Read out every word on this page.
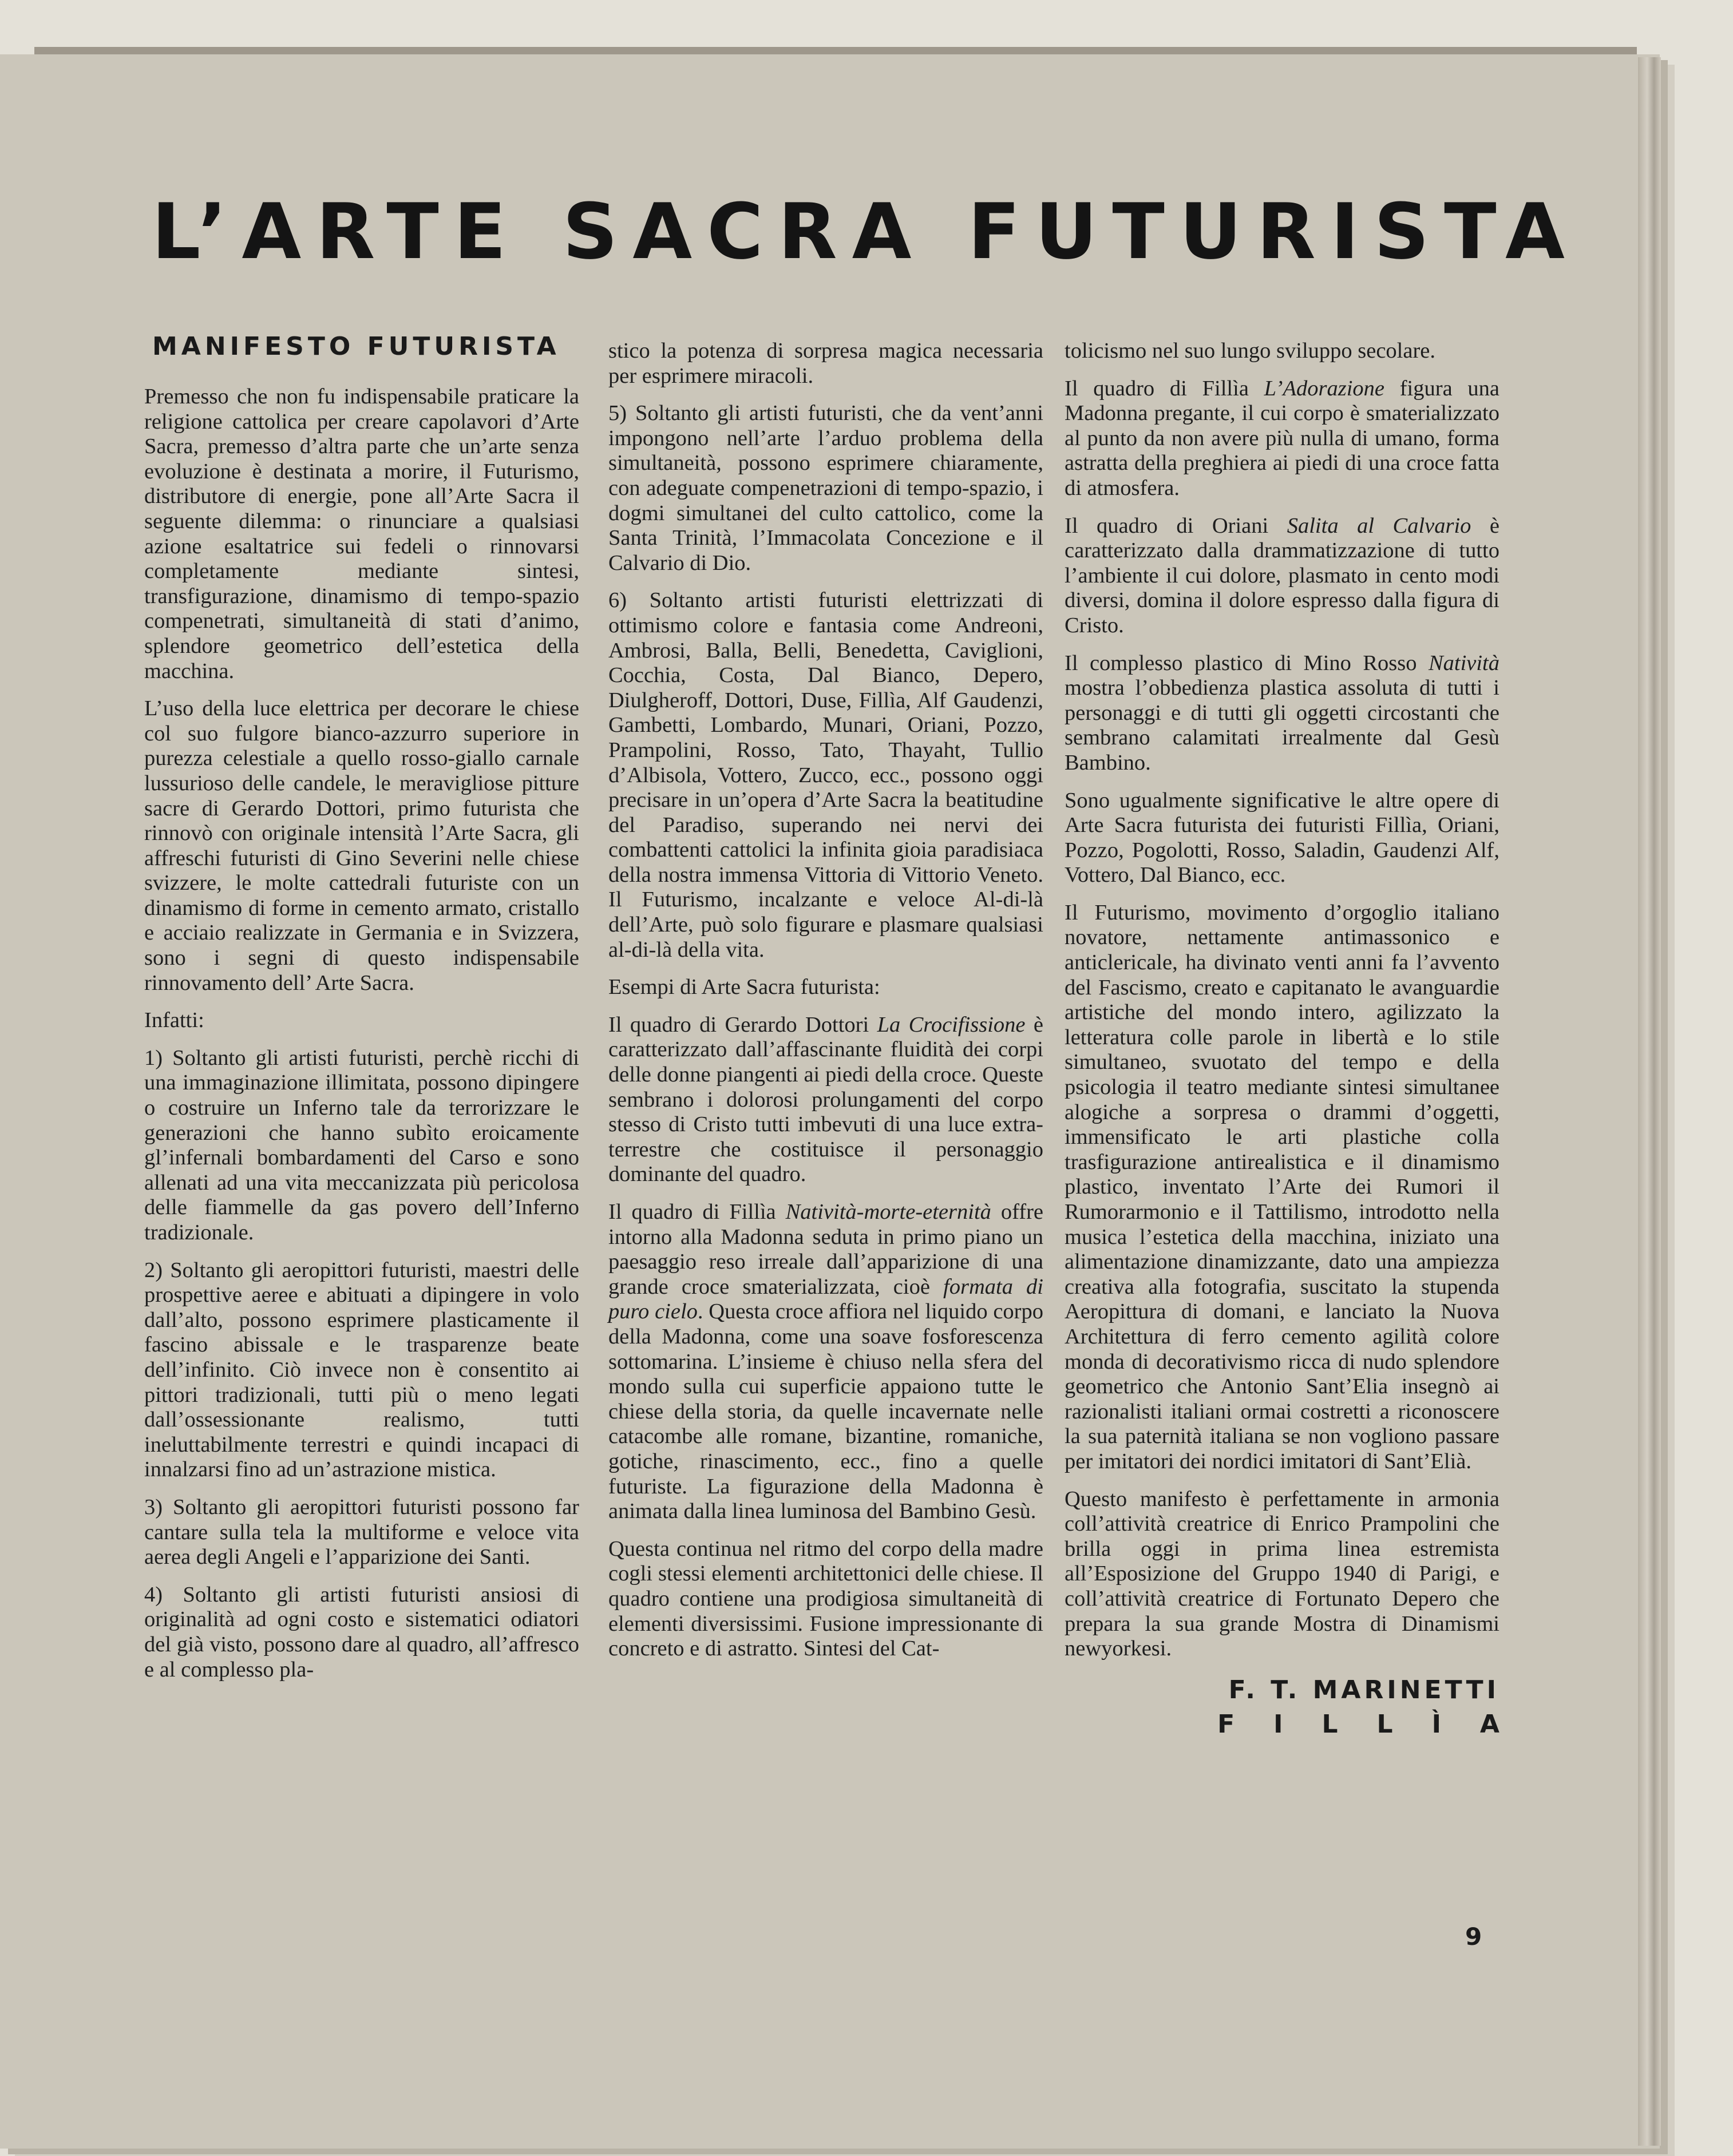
L’ARTE SACRA FUTURISTA
MANIFESTO FUTURISTA

Premesso che non fu indispensabile praticare la religione cattolica per creare capolavori d’Arte Sacra, premesso d’altra parte che un’arte senza evoluzione è destinata a morire, il Futurismo, distributore di energie, pone all’Arte Sacra il seguente dilemma: o rinunciare a qualsiasi azione esaltatrice sui fedeli o rinnovarsi completamente mediante sintesi, transfigurazione, dinamismo di tempo-spazio compenetrati, simultaneità di stati d’animo, splendore geometrico dell’estetica della macchina.

L’uso della luce elettrica per decorare le chiese col suo fulgore bianco-azzurro superiore in purezza celestiale a quello rosso-giallo carnale lussurioso delle candele, le meravigliose pitture sacre di Gerardo Dottori, primo futurista che rinnovò con originale intensità l’Arte Sacra, gli affreschi futuristi di Gino Severini nelle chiese svizzere, le molte cattedrali futuriste con un dinamismo di forme in cemento armato, cristallo e acciaio realizzate in Germania e in Svizzera, sono i segni di questo indispensabile rinnovamento dell’ Arte Sacra.

Infatti:

1) Soltanto gli artisti futuristi, perchè ricchi di una immaginazione illimitata, possono dipingere o costruire un Inferno tale da terrorizzare le generazioni che hanno subìto eroicamente gl’infernali bombardamenti del Carso e sono allenati ad una vita meccanizzata più pericolosa delle fiammelle da gas povero dell’Inferno tradizionale.

2) Soltanto gli aeropittori futuristi, maestri delle prospettive aeree e abituati a dipingere in volo dall’alto, possono esprimere plasticamente il fascino abissale e le trasparenze beate dell’infinito. Ciò invece non è consentito ai pittori tradizionali, tutti più o meno legati dall’ossessionante realismo, tutti ineluttabilmente terrestri e quindi incapaci di innalzarsi fino ad un’astrazione mistica.

3) Soltanto gli aeropittori futuristi possono far cantare sulla tela la multiforme e veloce vita aerea degli Angeli e l’apparizione dei Santi.

4) Soltanto gli artisti futuristi ansiosi di originalità ad ogni costo e sistematici odiatori del già visto, possono dare al quadro, all’affresco e al complesso pla-

stico la potenza di sorpresa magica necessaria per esprimere miracoli.

5) Soltanto gli artisti futuristi, che da vent’anni impongono nell’arte l’arduo problema della simultaneità, possono esprimere chiaramente, con adeguate compenetrazioni di tempo-spazio, i dogmi simultanei del culto cattolico, come la Santa Trinità, l’Immacolata Concezione e il Calvario di Dio.

6) Soltanto artisti futuristi elettrizzati di ottimismo colore e fantasia come Andreoni, Ambrosi, Balla, Belli, Benedetta, Caviglioni, Cocchia, Costa, Dal Bianco, Depero, Diulgheroff, Dottori, Duse, Fillìa, Alf Gaudenzi, Gambetti, Lombardo, Munari, Oriani, Pozzo, Prampolini, Rosso, Tato, Thayaht, Tullio d’Albisola, Vottero, Zucco, ecc., possono oggi precisare in un’opera d’Arte Sacra la beatitudine del Paradiso, superando nei nervi dei combattenti cattolici la infinita gioia paradisiaca della nostra immensa Vittoria di Vittorio Veneto. Il Futurismo, incalzante e veloce Al-di-là dell’Arte, può solo figurare e plasmare qualsiasi al-di-là della vita.

Esempi di Arte Sacra futurista:

Il quadro di Gerardo Dottori La Crocifissione è caratterizzato dall’affascinante fluidità dei corpi delle donne piangenti ai piedi della croce. Queste sembrano i dolorosi prolungamenti del corpo stesso di Cristo tutti imbevuti di una luce extra-terrestre che costituisce il personaggio dominante del quadro.

Il quadro di Fillìa Natività-morte-eternità offre intorno alla Madonna seduta in primo piano un paesaggio reso irreale dall’apparizione di una grande croce smaterializzata, cioè formata di puro cielo. Questa croce affiora nel liquido corpo della Madonna, come una soave fosforescenza sottomarina. L’insieme è chiuso nella sfera del mondo sulla cui superficie appaiono tutte le chiese della storia, da quelle incavernate nelle catacombe alle romane, bizantine, romaniche, gotiche, rinascimento, ecc., fino a quelle futuriste. La figurazione della Madonna è animata dalla linea luminosa del Bambino Gesù.

Questa continua nel ritmo del corpo della madre cogli stessi elementi architettonici delle chiese. Il quadro contiene una prodigiosa simultaneità di elementi diversissimi. Fusione impressionante di concreto e di astratto. Sintesi del Cat-

tolicismo nel suo lungo sviluppo secolare.

Il quadro di Fillìa L’Adorazione figura una Madonna pregante, il cui corpo è smaterializzato al punto da non avere più nulla di umano, forma astratta della preghiera ai piedi di una croce fatta di atmosfera.

Il quadro di Oriani Salita al Calvario è caratterizzato dalla drammatizzazione di tutto l’ambiente il cui dolore, plasmato in cento modi diversi, domina il dolore espresso dalla figura di Cristo.

Il complesso plastico di Mino Rosso Natività mostra l’obbedienza plastica assoluta di tutti i personaggi e di tutti gli oggetti circostanti che sembrano calamitati irrealmente dal Gesù Bambino.

Sono ugualmente significative le altre opere di Arte Sacra futurista dei futuristi Fillìa, Oriani, Pozzo, Pogolotti, Rosso, Saladin, Gaudenzi Alf, Vottero, Dal Bianco, ecc.

Il Futurismo, movimento d’orgoglio italiano novatore, nettamente antimassonico e anticlericale, ha divinato venti anni fa l’avvento del Fascismo, creato e capitanato le avanguardie artistiche del mondo intero, agilizzato la letteratura colle parole in libertà e lo stile simultaneo, svuotato del tempo e della psicologia il teatro mediante sintesi simultanee alogiche a sorpresa o drammi d’oggetti, immensificato le arti plastiche colla trasfigurazione antirealistica e il dinamismo plastico, inventato l’Arte dei Rumori il Rumorarmonio e il Tattilismo, introdotto nella musica l’estetica della macchina, iniziato una alimentazione dinamizzante, dato una ampiezza creativa alla fotografia, suscitato la stupenda Aeropittura di domani, e lanciato la Nuova Architettura di ferro cemento agilità colore monda di decorativismo ricca di nudo splendore geometrico che Antonio Sant’Elia insegnò ai razionalisti italiani ormai costretti a riconoscere la sua paternità italiana se non vogliono passare per imitatori dei nordici imitatori di Sant’Elià.

Questo manifesto è perfettamente in armonia coll’attività creatrice di Enrico Prampolini che brilla oggi in prima linea estremista all’Esposizione del Gruppo 1940 di Parigi, e coll’attività creatrice di Fortunato Depero che prepara la sua grande Mostra di Dinamismi newyorkesi.

F. T. MARINETTI
FILLÌA
9
